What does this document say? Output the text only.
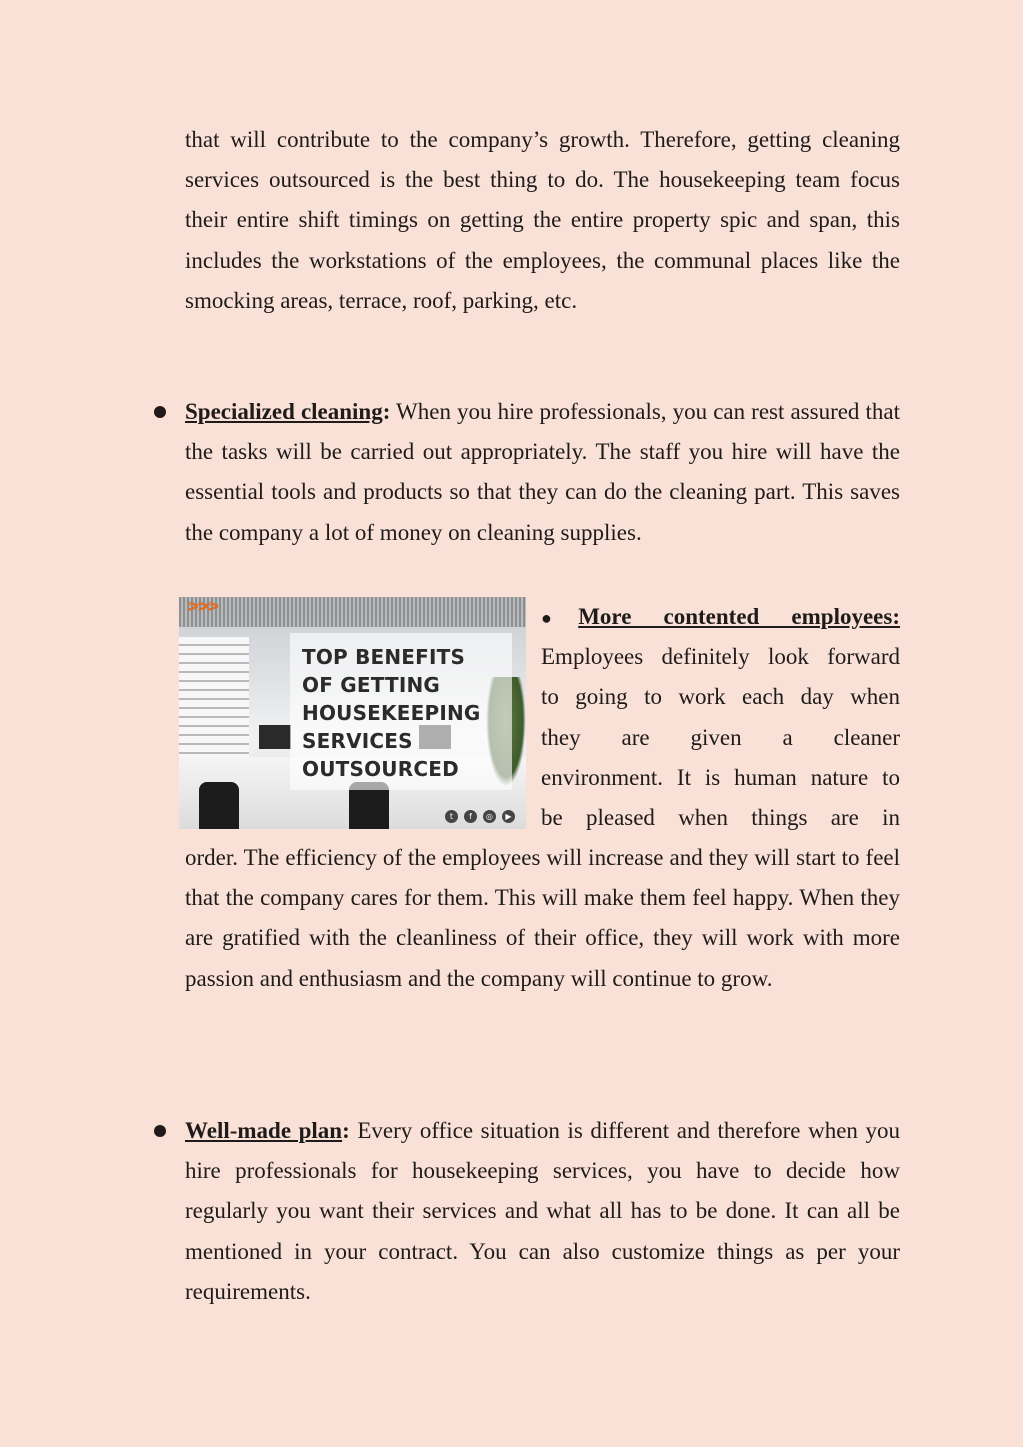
that will contribute to the company’s growth. Therefore, getting cleaning services outsourced is the best thing to do. The housekeeping team focus their entire shift timings on getting the entire property spic and span, this includes the workstations of the employees, the communal places like the smocking areas, terrace, roof, parking, etc.

Specialized cleaning: When you hire professionals, you can rest assured that the tasks will be carried out appropriately. The staff you hire will have the essential tools and products so that they can do the cleaning part. This saves the company a lot of money on cleaning supplies.

ᕗᕗᕗ
TOP BENEFITS
OF GETTING
HOUSEKEEPING
SERVICES
OUTSOURCED
t	f	◎	▶

●More contented employees:

Employees definitely look forward

to going to work each day when

they are given a cleaner

environment. It is human nature to

be pleased when things are in

order. The efficiency of the employees will increase and they will start to feel that the company cares for them. This will make them feel happy. When they are gratified with the cleanliness of their office, they will work with more passion and enthusiasm and the company will continue to grow.

Well-made plan: Every office situation is different and therefore when you hire professionals for housekeeping services, you have to decide how regularly you want their services and what all has to be done. It can all be mentioned in your contract. You can also customize things as per your requirements.
